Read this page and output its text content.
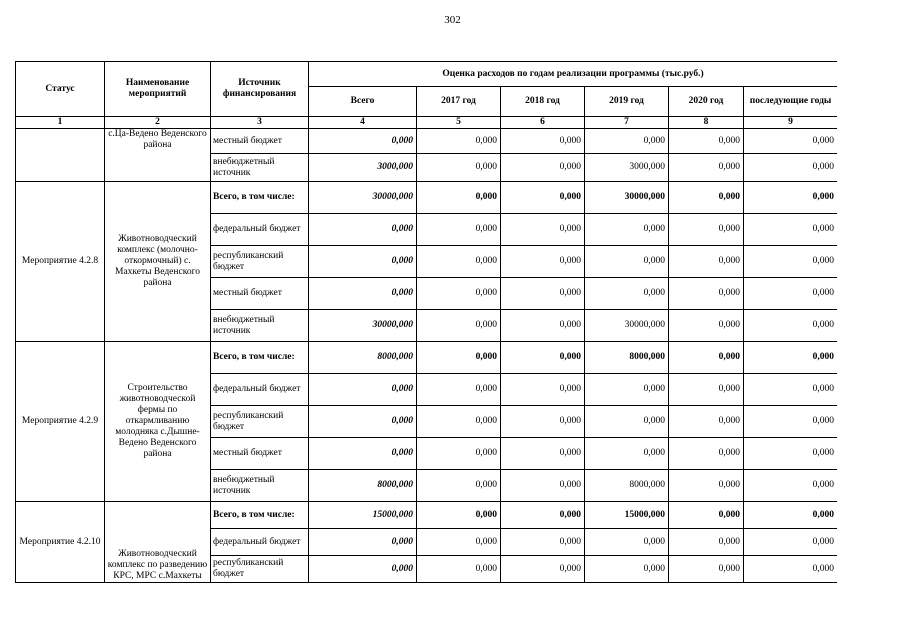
302
Статус	Наименование мероприятий	Источник финансирования	Оценка расходов по годам реализации программы (тыс.руб.)					
			Всего	2017 год	2018 год	2019 год	2020 год	последующие годы
1	2	3	4	5	6	7	8	9
	с.Ца-Ведено Веденского района	местный бюджет	0,000	0,000	0,000	0,000	0,000	0,000
		внебюджетный источник	3000,000	0,000	0,000	3000,000	0,000	0,000
Мероприятие 4.2.8	Животноводческий комплекс (молочно-откормочный) с. Махкеты Веденского района	Всего, в том числе:	30000,000	0,000	0,000	30000,000	0,000	0,000
		федеральный бюджет	0,000	0,000	0,000	0,000	0,000	0,000
		республиканский бюджет	0,000	0,000	0,000	0,000	0,000	0,000
		местный бюджет	0,000	0,000	0,000	0,000	0,000	0,000
		внебюджетный источник	30000,000	0,000	0,000	30000,000	0,000	0,000
Мероприятие 4.2.9	Строительство животноводческой фермы по откармливанию молодняка с.Дышне-Ведено Веденского района	Всего, в том числе:	8000,000	0,000	0,000	8000,000	0,000	0,000
		федеральный бюджет	0,000	0,000	0,000	0,000	0,000	0,000
		республиканский бюджет	0,000	0,000	0,000	0,000	0,000	0,000
		местный бюджет	0,000	0,000	0,000	0,000	0,000	0,000
		внебюджетный источник	8000,000	0,000	0,000	8000,000	0,000	0,000
Мероприятие 4.2.10	Животноводческий комплекс по разведению КРС, МРС с.Махкеты	Всего, в том числе:	15000,000	0,000	0,000	15000,000	0,000	0,000
		федеральный бюджет	0,000	0,000	0,000	0,000	0,000	0,000
		республиканский бюджет	0,000	0,000	0,000	0,000	0,000	0,000
